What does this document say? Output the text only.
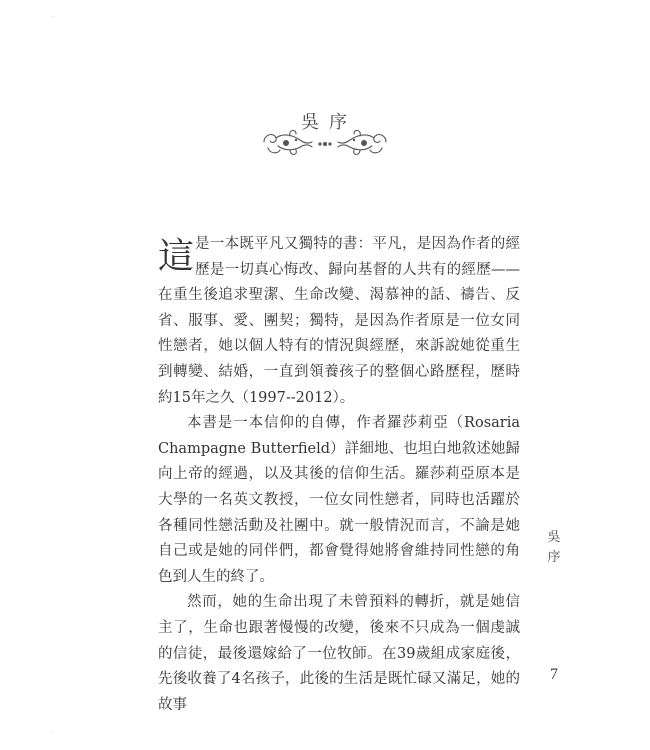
·
·
吳序

這是一本既平凡又獨特的書：平凡，是因為作者的經歷是一切真心悔改、歸向基督的人共有的經歷——在重生後追求聖潔、生命改變、渴慕神的話、禱告、反省、服事、愛、團契；獨特，是因為作者原是一位女同性戀者，她以個人特有的情況與經歷，來訴說她從重生到轉變、結婚，一直到領養孩子的整個心路歷程，歷時約15年之久（1997--2012）。

本書是一本信仰的自傳，作者羅莎莉亞（Rosaria Champagne Butterfield）詳細地、也坦白地敘述她歸向上帝的經過，以及其後的信仰生活。羅莎莉亞原本是大學的一名英文教授，一位女同性戀者，同時也活躍於各種同性戀活動及社團中。就一般情況而言，不論是她自己或是她的同伴們，都會覺得她將會維持同性戀的角色到人生的終了。

然而，她的生命出現了未曾預料的轉折，就是她信主了，生命也跟著慢慢的改變，後來不只成為一個虔誠的信徒，最後還嫁給了一位牧師。在39歲組成家庭後，先後收養了4名孩子，此後的生活是既忙碌又滿足，她的故事

吳序
7
